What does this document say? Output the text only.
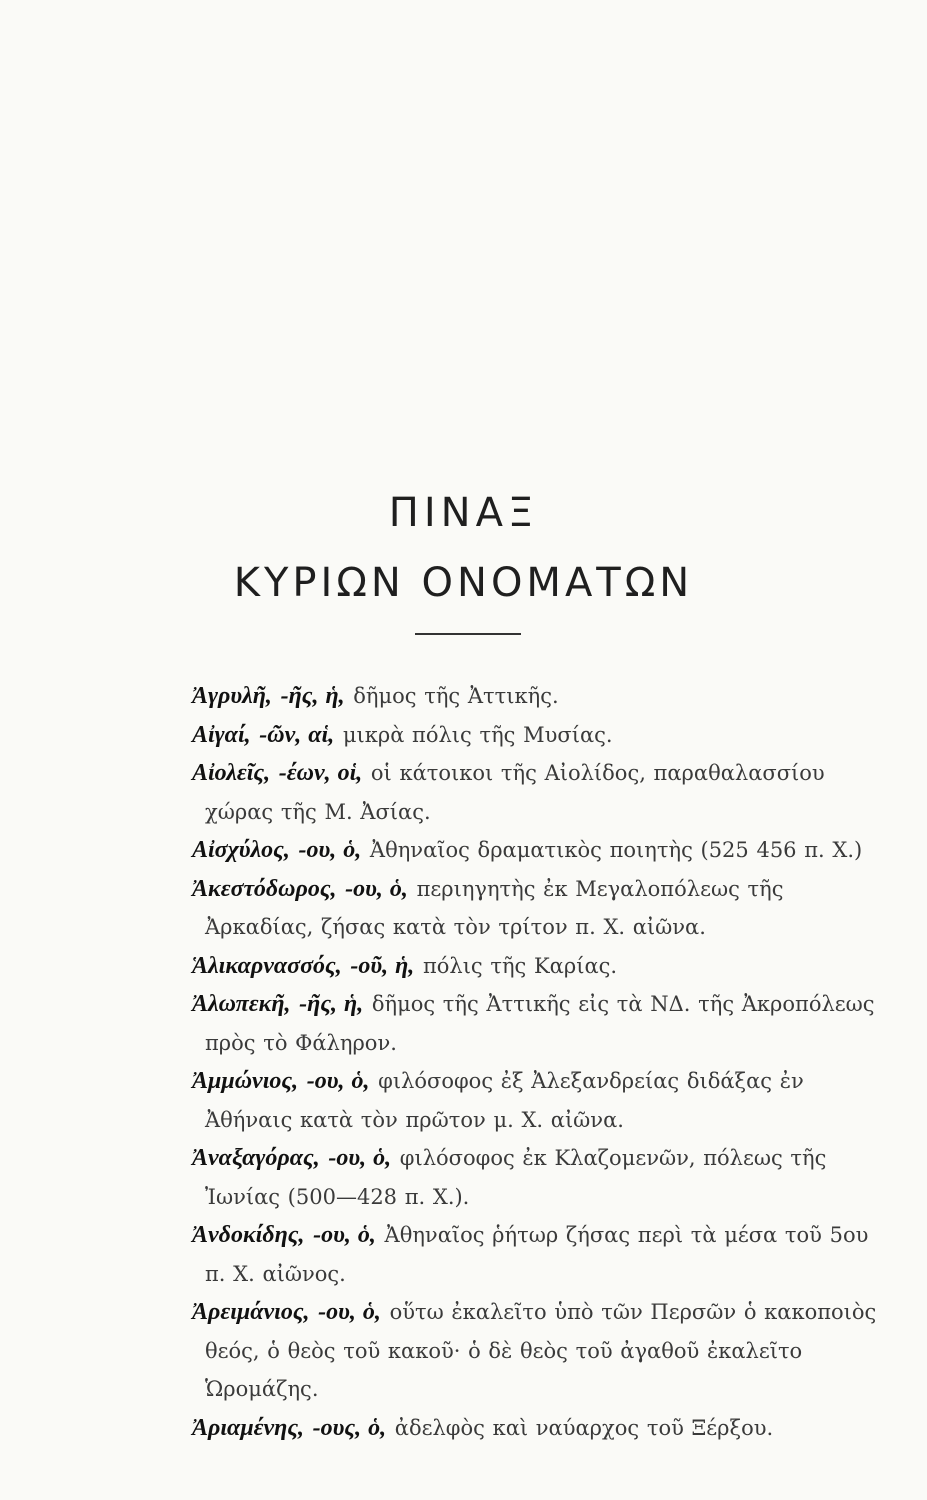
ΠΙΝΑΞ
ΚΥΡΙΩΝ ΟΝΟΜΑΤΩΝ
Ἀγρυλῆ, -ῆς, ἡ, δῆμος τῆς Ἀττικῆς.
Αἰγαί, -ῶν, αἱ, μικρὰ πόλις τῆς Μυσίας.
Αἰολεῖς, -έων, οἱ, οἱ κάτοικοι τῆς Αἰολίδος, παραθαλασσίου χώρας τῆς Μ. Ἀσίας.
Αἰσχύλος, -ου, ὁ, Ἀθηναῖος δραματικὸς ποιητὴς (525 456 π. Χ.)
Ἀκεστόδωρος, -ου, ὁ, περιηγητὴς ἐκ Μεγαλοπόλεως τῆς Ἀρκαδίας, ζήσας κατὰ τὸν τρίτον π. Χ. αἰῶνα.
Ἁλικαρνασσός, -οῦ, ἡ, πόλις τῆς Καρίας.
Ἀλωπεκῆ, -ῆς, ἡ, δῆμος τῆς Ἀττικῆς εἰς τὰ ΝΔ. τῆς Ἀκροπόλεως πρὸς τὸ Φάληρον.
Ἀμμώνιος, -ου, ὁ, φιλόσοφος ἐξ Ἀλεξανδρείας διδάξας ἐν Ἀθήναις κατὰ τὸν πρῶτον μ. Χ. αἰῶνα.
Ἀναξαγόρας, -ου, ὁ, φιλόσοφος ἐκ Κλαζομενῶν, πόλεως τῆς Ἰωνίας (500—428 π. Χ.).
Ἀνδοκίδης, -ου, ὁ, Ἀθηναῖος ῥήτωρ ζήσας περὶ τὰ μέσα τοῦ 5ου π. Χ. αἰῶνος.
Ἀρειμάνιος, -ου, ὁ, οὕτω ἐκαλεῖτο ὑπὸ τῶν Περσῶν ὁ κακοποιὸς θεός, ὁ θεὸς τοῦ κακοῦ· ὁ δὲ θεὸς τοῦ ἀγαθοῦ ἐκαλεῖτο Ὡρομάζης.
Ἀριαμένης, -ους, ὁ, ἀδελφὸς καὶ ναύαρχος τοῦ Ξέρξου.
